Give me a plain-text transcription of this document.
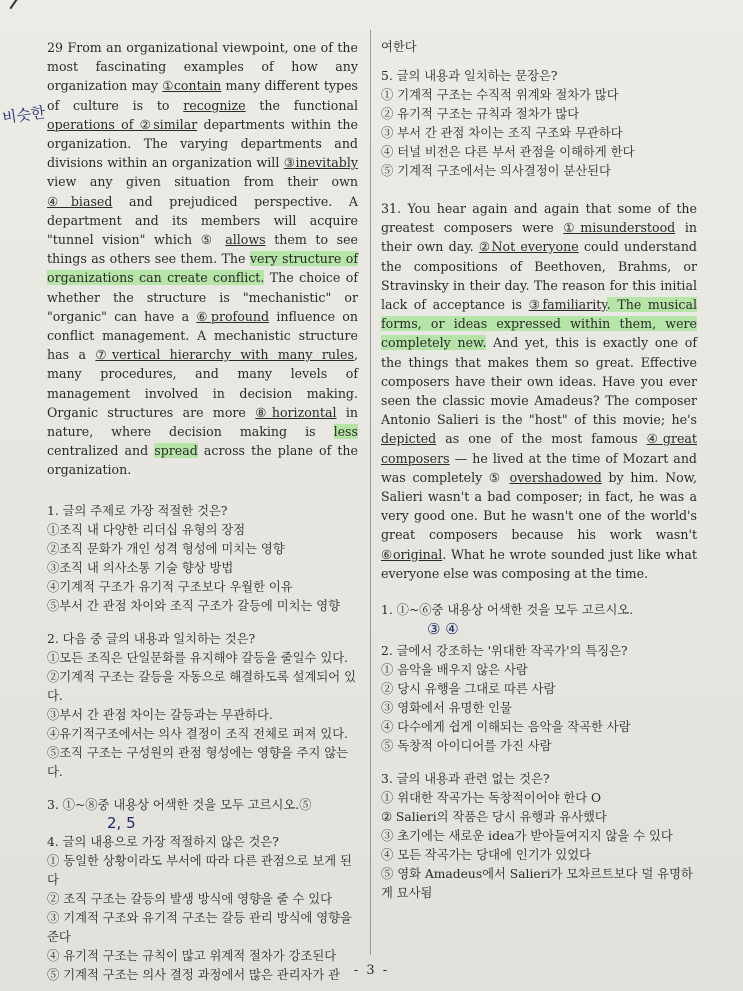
비슷한

29 From an organizational viewpoint, one of the most fascinating examples of how any organization may ①contain many different types of culture is to recognize the functional operations of ②similar departments within the organization. The varying departments and divisions within an organization will ③inevitably view any given situation from their own ④biased and prejudiced perspective. A department and its members will acquire "tunnel vision" which ⑤ allows them to see things as others see them. The very structure of organizations can create conflict. The choice of whether the structure is "mechanistic" or "organic" can have a ⑥profound influence on conflict management. A mechanistic structure has a ⑦vertical hierarchy with many rules, many procedures, and many levels of management involved in decision making. Organic structures are more ⑧horizontal in nature, where decision making is less centralized and spread across the plane of the organization.

1. 글의 주제로 가장 적절한 것은?

①조직 내 다양한 리더십 유형의 장점

②조직 문화가 개인 성격 형성에 미치는 영향

③조직 내 의사소통 기술 향상 방법

④기계적 구조가 유기적 구조보다 우월한 이유

⑤부서 간 관점 차이와 조직 구조가 갈등에 미치는 영향

2. 다음 중 글의 내용과 일치하는 것은?

①모든 조직은 단일문화를 유지해야 갈등을 줄일수 있다.

②기계적 구조는 갈등을 자동으로 해결하도록 설계되어 있다.

③부서 간 관점 차이는 갈등과는 무관하다.

④유기적구조에서는 의사 결정이 조직 전체로 퍼져 있다.

⑤조직 구조는 구성원의 관점 형성에는 영향을 주지 않는다.

3. ①~⑧중 내용상 어색한 것을 모두 고르시오.⑤

2, 5

4. 글의 내용으로 가장 적절하지 않은 것은?

① 동일한 상황이라도 부서에 따라 다른 관점으로 보게 된다

② 조직 구조는 갈등의 발생 방식에 영향을 줄 수 있다

③ 기계적 구조와 유기적 구조는 갈등 관리 방식에 영향을 준다

④ 유기적 구조는 규칙이 많고 위계적 절차가 강조된다

⑤ 기계적 구조는 의사 결정 과정에서 많은 관리자가 관

여한다

5. 글의 내용과 일치하는 문장은?

① 기계적 구조는 수직적 위계와 절차가 많다

② 유기적 구조는 규칙과 절차가 많다

③ 부서 간 관점 차이는 조직 구조와 무관하다

④ 터널 비전은 다른 부서 관점을 이해하게 한다

⑤ 기계적 구조에서는 의사결정이 분산된다

31. You hear again and again that some of the greatest composers were ①misunderstood in their own day. ②Not everyone could understand the compositions of Beethoven, Brahms, or Stravinsky in their day. The reason for this initial lack of acceptance is ③familiarity. The musical forms, or ideas expressed within them, were completely new. And yet, this is exactly one of the things that makes them so great. Effective composers have their own ideas. Have you ever seen the classic movie Amadeus? The composer Antonio Salieri is the "host" of this movie; he's depicted as one of the most famous ④great composers — he lived at the time of Mozart and was completely ⑤ overshadowed by him. Now, Salieri wasn't a bad composer; in fact, he was a very good one. But he wasn't one of the world's great composers because his work wasn't ⑥original. What he wrote sounded just like what everyone else was composing at the time.

1. ①~⑥중 내용상 어색한 것을 모두 고르시오.

③ ④

2. 글에서 강조하는 '위대한 작곡가'의 특징은?

① 음악을 배우지 않은 사람

② 당시 유행을 그대로 따른 사람

③ 영화에서 유명한 인물

④ 다수에게 쉽게 이해되는 음악을 작곡한 사람

⑤ 독창적 아이디어를 가진 사람

3. 글의 내용과 관련 없는 것은?

① 위대한 작곡가는 독창적이어야 한다 O

② Salieri의 작품은 당시 유행과 유사했다

③ 초기에는 새로운 idea가 받아들여지지 않을 수 있다

④ 모든 작곡가는 당대에 인기가 있었다

⑤ 영화 Amadeus에서 Salieri가 모차르트보다 덜 유명하게 묘사됨

- 3 -
